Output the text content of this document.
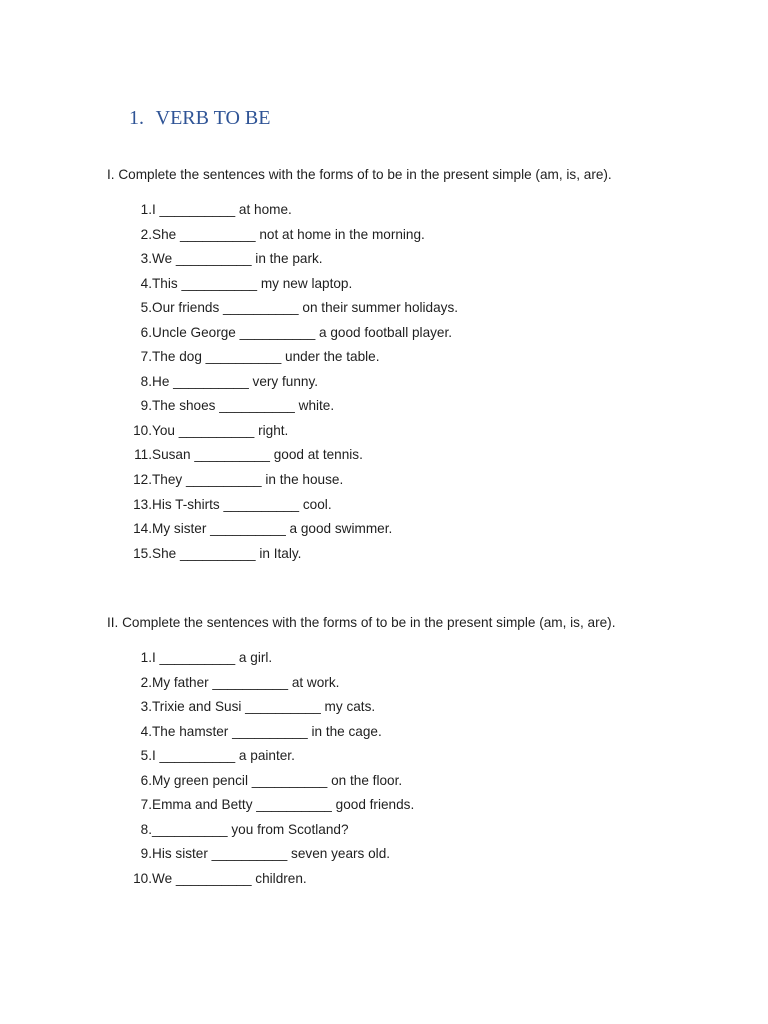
1. VERB TO BE
I. Complete the sentences with the forms of to be in the present simple (am, is, are).
1. I __________ at home.
2. She __________ not at home in the morning.
3. We __________ in the park.
4. This __________ my new laptop.
5. Our friends __________ on their summer holidays.
6. Uncle George __________ a good football player.
7. The dog __________ under the table.
8. He __________ very funny.
9. The shoes __________ white.
10. You __________ right.
11. Susan __________ good at tennis.
12. They __________ in the house.
13. His T-shirts __________ cool.
14. My sister __________ a good swimmer.
15. She __________ in Italy.
II. Complete the sentences with the forms of to be in the present simple (am, is, are).
1. I __________ a girl.
2. My father __________ at work.
3. Trixie and Susi __________ my cats.
4. The hamster __________ in the cage.
5. I __________ a painter.
6. My green pencil __________ on the floor.
7. Emma and Betty __________ good friends.
8. __________ you from Scotland?
9. His sister __________ seven years old.
10. We __________ children.
